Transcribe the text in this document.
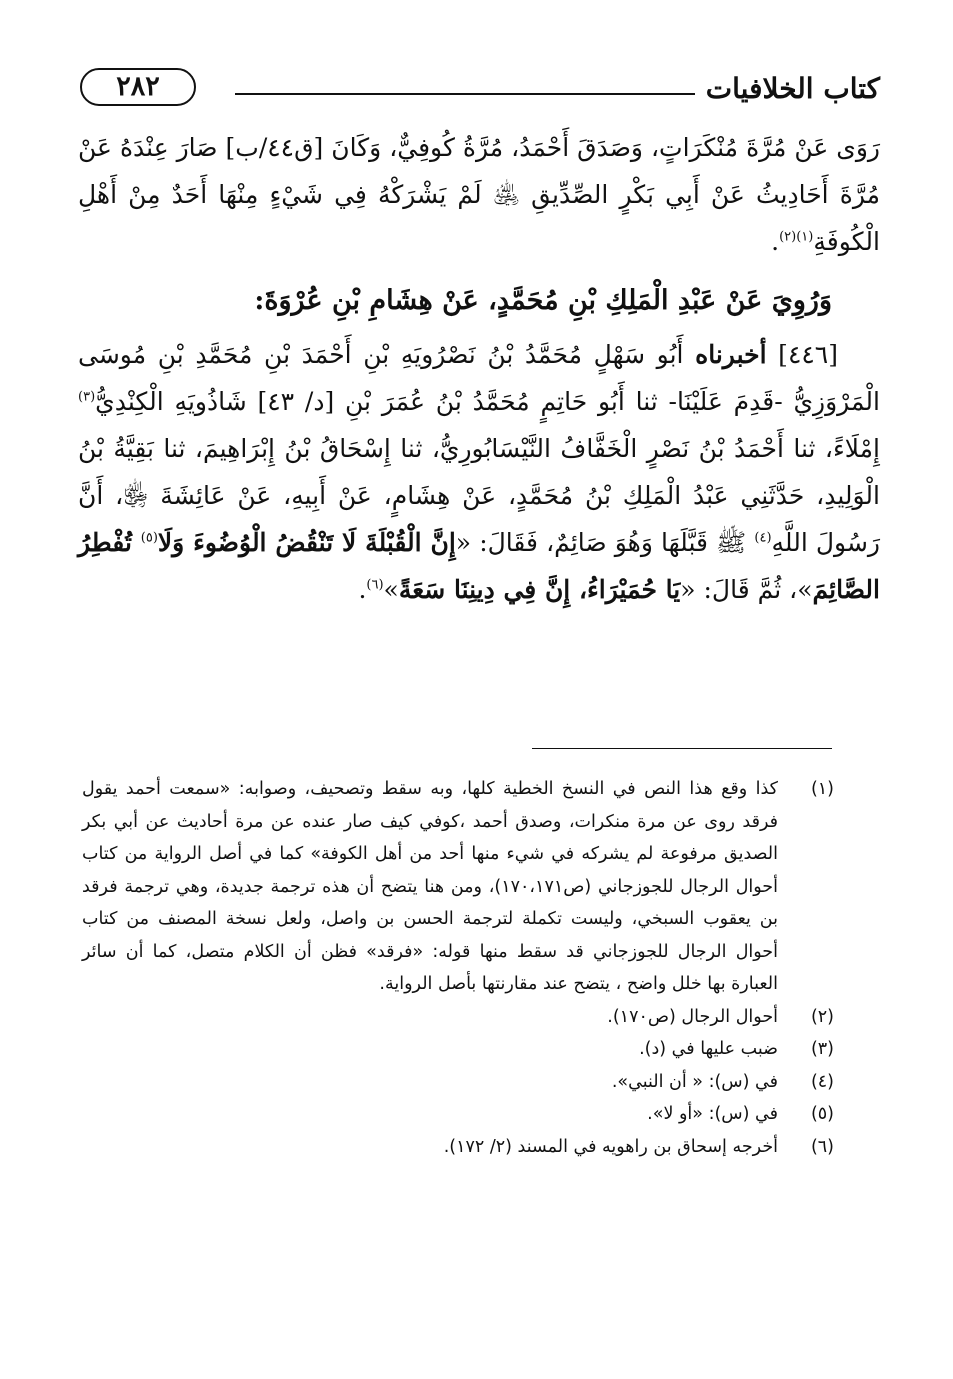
٢٨٢	كتاب الخلافيات

رَوَى عَنْ مُرَّةَ مُنْكَرَاتٍ، وَصَدَقَ أَحْمَدُ، مُرَّةُ كُوفِيٌّ، وَكَانَ [ق٤٤/ب] صَارَ عِنْدَهُ عَنْ مُرَّةَ أَحَادِيثُ عَنْ أَبِي بَكْرٍ الصِّدِّيقِ ﵁ لَمْ يَشْرَكْهُ فِي شَيْءٍ مِنْهَا أَحَدٌ مِنْ أَهْلِ الْكُوفَةِ$^{(١)(٢)}$.

وَرُوِيَ عَنْ عَبْدِ الْمَلِكِ بْنِ مُحَمَّدٍ، عَنْ هِشَامِ بْنِ عُرْوَةَ:

[٤٤٦] أخبرناه أَبُو سَهْلٍ مُحَمَّدُ بْنُ نَصْرُويَهِ بْنِ أَحْمَدَ بْنِ مُحَمَّدِ بْنِ مُوسَى الْمَرْوَزِيُّ -قَدِمَ عَلَيْنَا- ثنا أَبُو حَاتِمٍ مُحَمَّدُ بْنُ عُمَرَ بْنِ [د/ ٤٣] شَاذُويَهِ الْكِنْدِيُّ$^{(٣)}$ إِمْلَاءً، ثنا أَحْمَدُ بْنُ نَصْرٍ الْخَفَّافُ النَّيْسَابُورِيُّ، ثنا إِسْحَاقُ بْنُ إِبْرَاهِيمَ، ثنا بَقِيَّةُ بْنُ الْوَلِيدِ، حَدَّثَنِي عَبْدُ الْمَلِكِ بْنُ مُحَمَّدٍ، عَنْ هِشَامٍ، عَنْ أَبِيهِ، عَنْ عَائِشَةَ ﵂، أَنَّ رَسُولَ اللَّهِ$^{(٤)}$ ﷺ قَبَّلَهَا وَهُوَ صَائِمٌ، فَقَالَ: «إِنَّ الْقُبْلَةَ لَا تَنْقُضُ الْوُضُوءَ وَلَا$^{(٥)}$ تُفْطِرُ الصَّائِمَ»، ثُمَّ قَالَ: «يَا حُمَيْرَاءُ، إِنَّ فِي دِينِنَا سَعَةً»$^{(٦)}$.

(١)
كذا وقع هذا النص في النسخ الخطية كلها، وبه سقط وتصحيف، وصوابه: «سمعت أحمد يقول فرقد روى عن مرة منكرات، وصدق أحمد ،كوفي كيف صار عنده عن مرة أحاديث عن أبي بكر الصديق مرفوعة لم يشركه في شيء منها أحد من أهل الكوفة» كما في أصل الرواية من كتاب أحوال الرجال للجوزجاني (ص١٧٠،١٧١)، ومن هنا يتضح أن هذه ترجمة جديدة، وهي ترجمة فرقد بن يعقوب السبخي، وليست تكملة لترجمة الحسن بن واصل، ولعل نسخة المصنف من كتاب أحوال الرجال للجوزجاني قد سقط منها قوله: «فرقد» فظن أن الكلام متصل، كما أن سائر العبارة بها خلل واضح ، يتضح عند مقارنتها بأصل الرواية.

(٢)
أحوال الرجال (ص١٧٠).

(٣)
ضبب عليها في (د).

(٤)
في (س): « أن النبي».

(٥)
في (س): «أو لا».

(٦)
أخرجه إسحاق بن راهويه في المسند (٢/ ١٧٢).
